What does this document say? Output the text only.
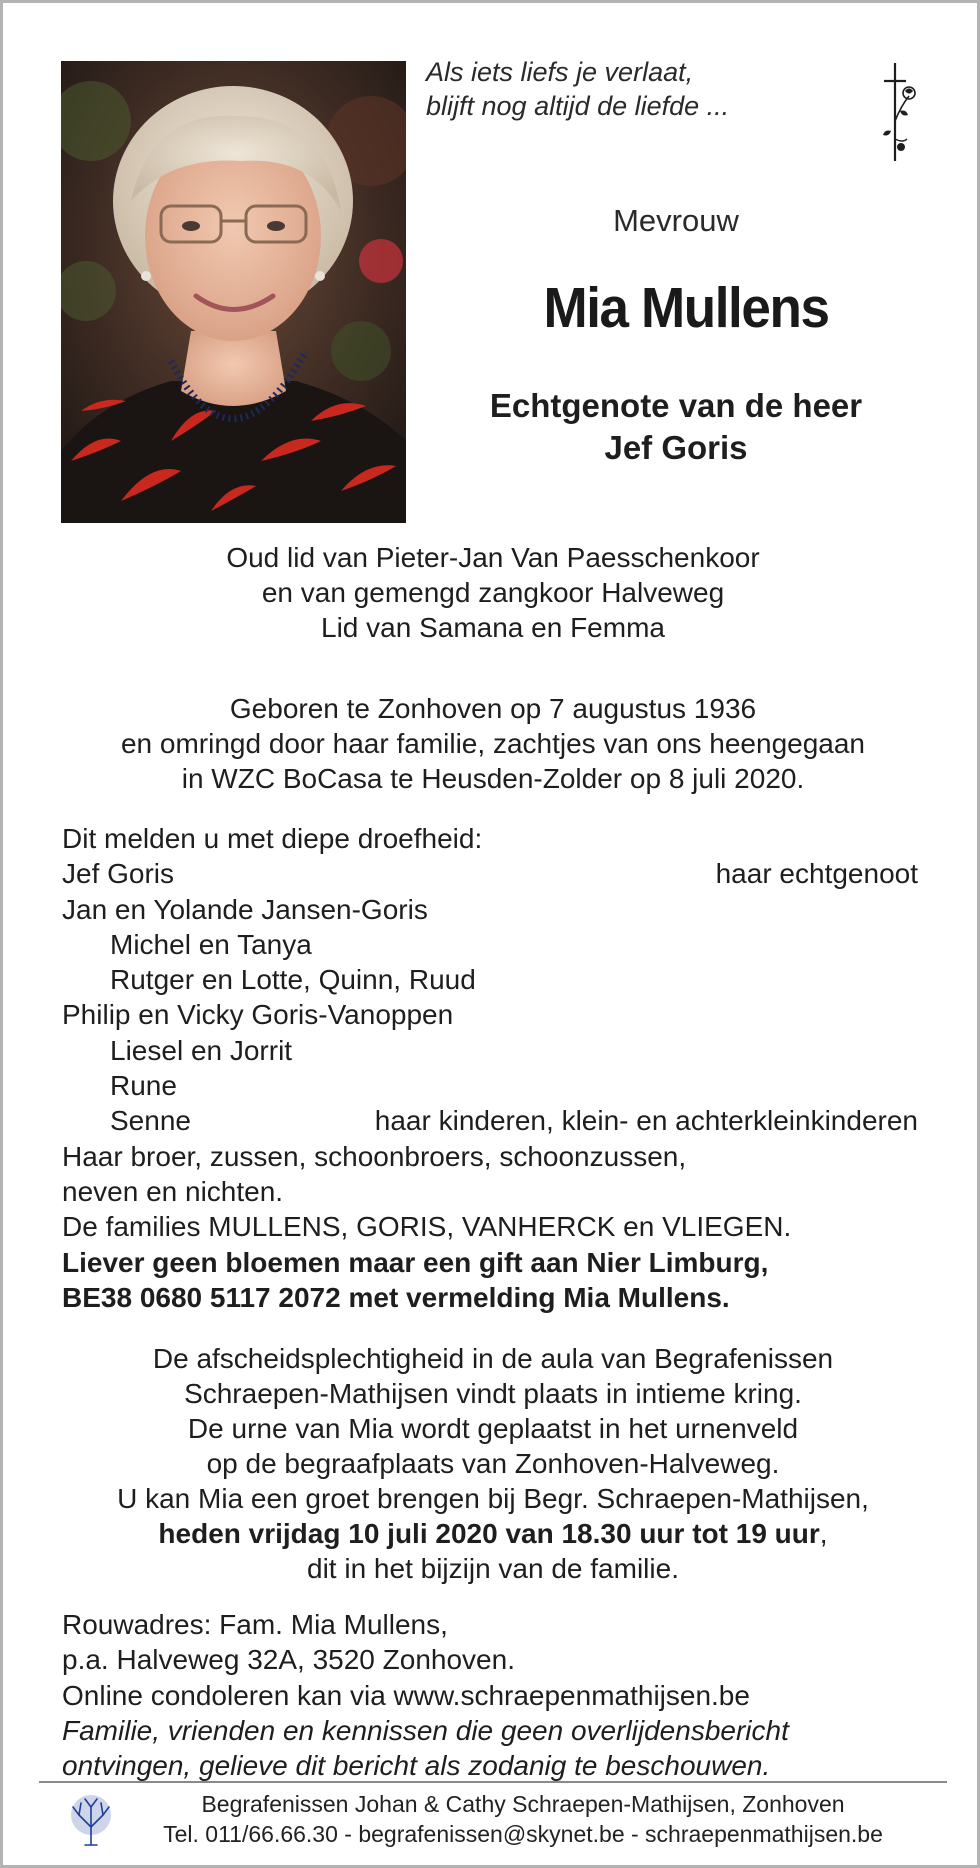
Als iets liefs je verlaat,
blijft nog altijd de liefde ...
Mevrouw
Mia Mullens
Echtgenote van de heer
Jef Goris
Oud lid van Pieter-Jan Van Paesschenkoor
en van gemengd zangkoor Halveweg
Lid van Samana en Femma
Geboren te Zonhoven op 7 augustus 1936
en omringd door haar familie, zachtjes van ons heengegaan
in WZC BoCasa te Heusden-Zolder op 8 juli 2020.
Dit melden u met diepe droefheid:
Jef Goris	haar echtgenoot
Jan en Yolande Jansen-Goris
Michel en Tanya
Rutger en Lotte, Quinn, Ruud
Philip en Vicky Goris-Vanoppen
Liesel en Jorrit
Rune
Senne	haar kinderen, klein- en achterkleinkinderen
Haar broer, zussen, schoonbroers, schoonzussen,
neven en nichten.
De families MULLENS, GORIS, VANHERCK en VLIEGEN.
Liever geen bloemen maar een gift aan Nier Limburg,
BE38 0680 5117 2072 met vermelding Mia Mullens.
De afscheidsplechtigheid in de aula van Begrafenissen
Schraepen-Mathijsen vindt plaats in intieme kring.
De urne van Mia wordt geplaatst in het urnenveld
op de begraafplaats van Zonhoven-Halveweg.
U kan Mia een groet brengen bij Begr. Schraepen-Mathijsen,
heden vrijdag 10 juli 2020 van 18.30 uur tot 19 uur,
dit in het bijzijn van de familie.
Rouwadres: Fam. Mia Mullens,
p.a. Halveweg 32A, 3520 Zonhoven.
Online condoleren kan via www.schraepenmathijsen.be
Familie, vrienden en kennissen die geen overlijdensbericht
ontvingen, gelieve dit bericht als zodanig te beschouwen.
Begrafenissen Johan & Cathy Schraepen-Mathijsen, Zonhoven
Tel. 011/66.66.30 - begrafenissen@skynet.be - schraepenmathijsen.be
